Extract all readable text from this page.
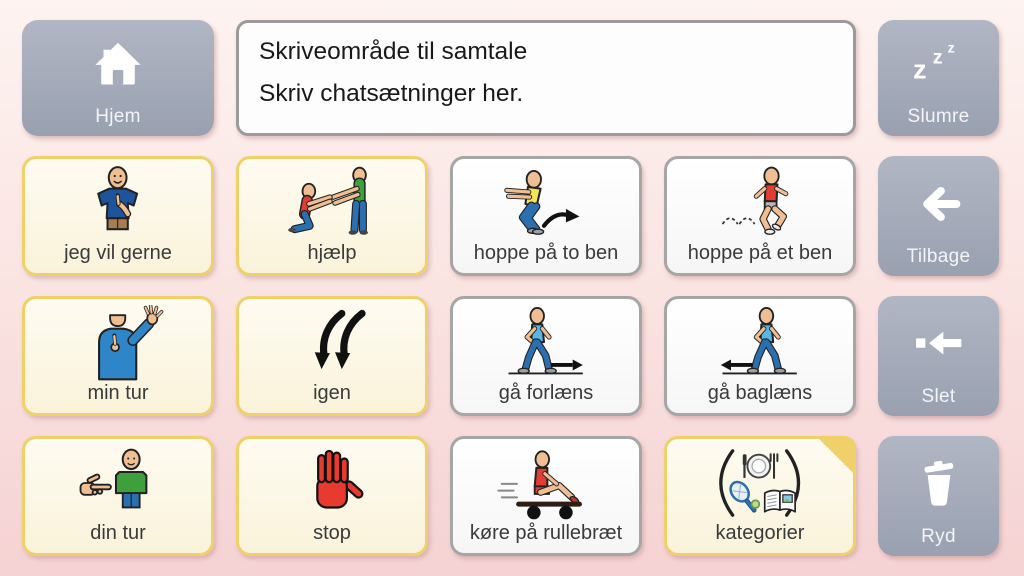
Hjem
Skriveområde til samtale
Skriv chatsætninger her.
z z z
Slumre
jeg vil gerne	hjælp	hoppe på to ben	hoppe på et ben	Tilbage
min tur	igen	gå forlæns	gå baglæns	Slet
din tur	stop	køre på rullebræt	kategorier	Ryd
